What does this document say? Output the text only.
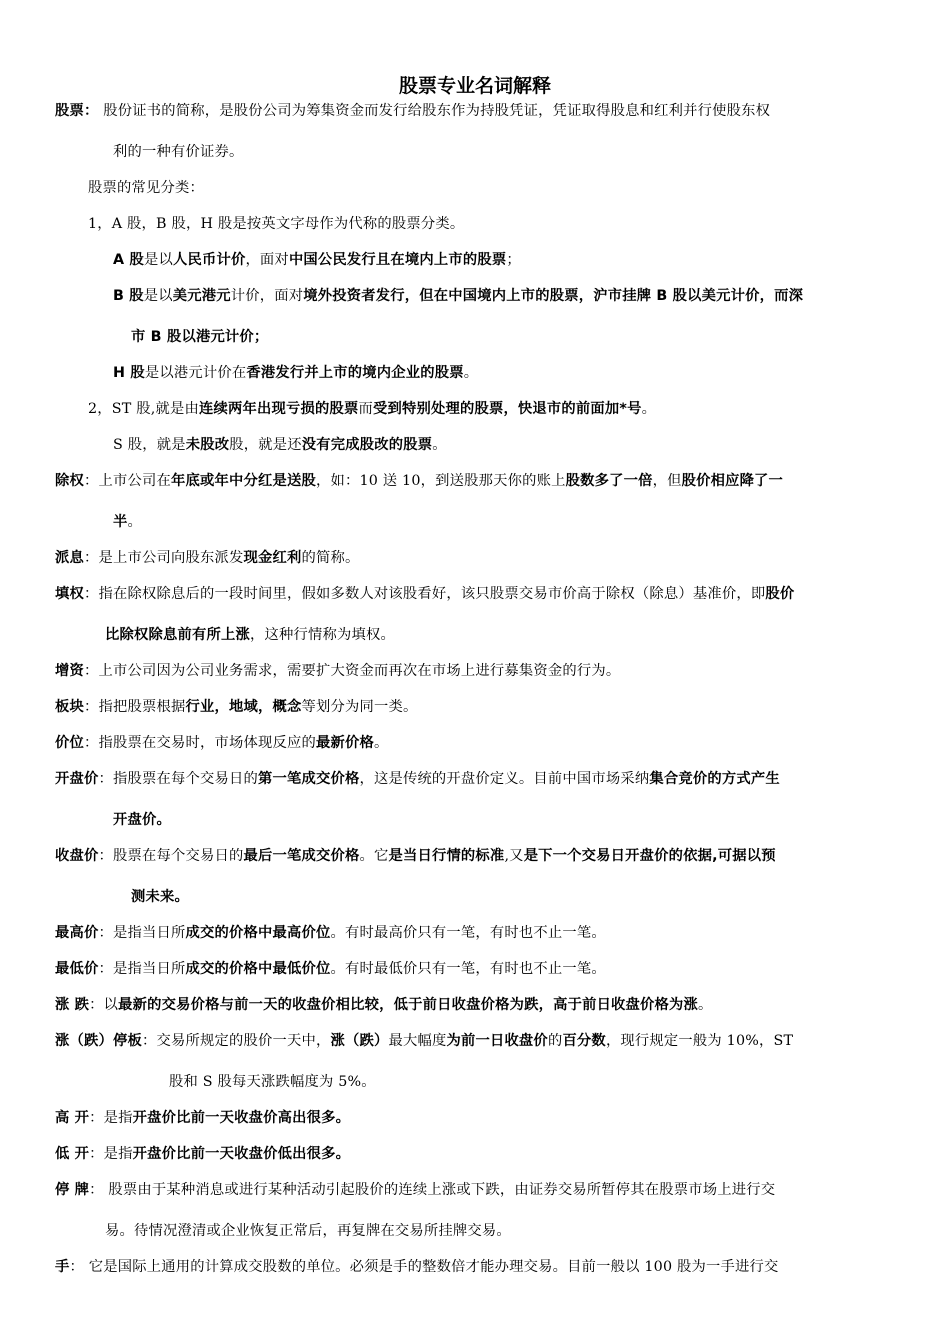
股票专业名词解释
股票： 股份证书的简称，是股份公司为筹集资金而发行给股东作为持股凭证，凭证取得股息和红利并行使股东权
利的一种有价证券。
股票的常见分类：
1，A 股，B 股，H 股是按英文字母作为代称的股票分类。
A 股是以人民币计价，面对中国公民发行且在境内上市的股票；
B 股是以美元港元计价，面对境外投资者发行，但在中国境内上市的股票，沪市挂牌 B 股以美元计价，而深
市 B 股以港元计价；
H 股是以港元计价在香港发行并上市的境内企业的股票。
2，ST 股,就是由连续两年出现亏损的股票而受到特别处理的股票，快退市的前面加*号。
S 股，就是未股改股，就是还没有完成股改的股票。
除权：上市公司在年底或年中分红是送股，如：10 送 10，到送股那天你的账上股数多了一倍，但股价相应降了一
半。
派息：是上市公司向股东派发现金红利的简称。
填权：指在除权除息后的一段时间里，假如多数人对该股看好，该只股票交易市价高于除权（除息）基准价，即股价
比除权除息前有所上涨，这种行情称为填权。
增资：上市公司因为公司业务需求，需要扩大资金而再次在市场上进行募集资金的行为。
板块：指把股票根据行业，地域，概念等划分为同一类。
价位：指股票在交易时，市场体现反应的最新价格。
开盘价：指股票在每个交易日的第一笔成交价格，这是传统的开盘价定义。目前中国市场采纳集合竞价的方式产生
开盘价。
收盘价：股票在每个交易日的最后一笔成交价格。它是当日行情的标准,又是下一个交易日开盘价的依据,可据以预
测未来。
最高价：是指当日所成交的价格中最高价位。有时最高价只有一笔，有时也不止一笔。
最低价：是指当日所成交的价格中最低价位。有时最低价只有一笔，有时也不止一笔。
涨 跌：以最新的交易价格与前一天的收盘价相比较，低于前日收盘价格为跌，高于前日收盘价格为涨。
涨（跌）停板：交易所规定的股价一天中，涨（跌）最大幅度为前一日收盘价的百分数，现行规定一般为 10%，ST
股和 S 股每天涨跌幅度为 5%。
高 开：是指开盘价比前一天收盘价高出很多。
低 开：是指开盘价比前一天收盘价低出很多。
停 牌： 股票由于某种消息或进行某种活动引起股价的连续上涨或下跌，由证券交易所暂停其在股票市场上进行交
易。待情况澄清或企业恢复正常后，再复牌在交易所挂牌交易。
手： 它是国际上通用的计算成交股数的单位。必须是手的整数倍才能办理交易。目前一般以 100 股为一手进行交
